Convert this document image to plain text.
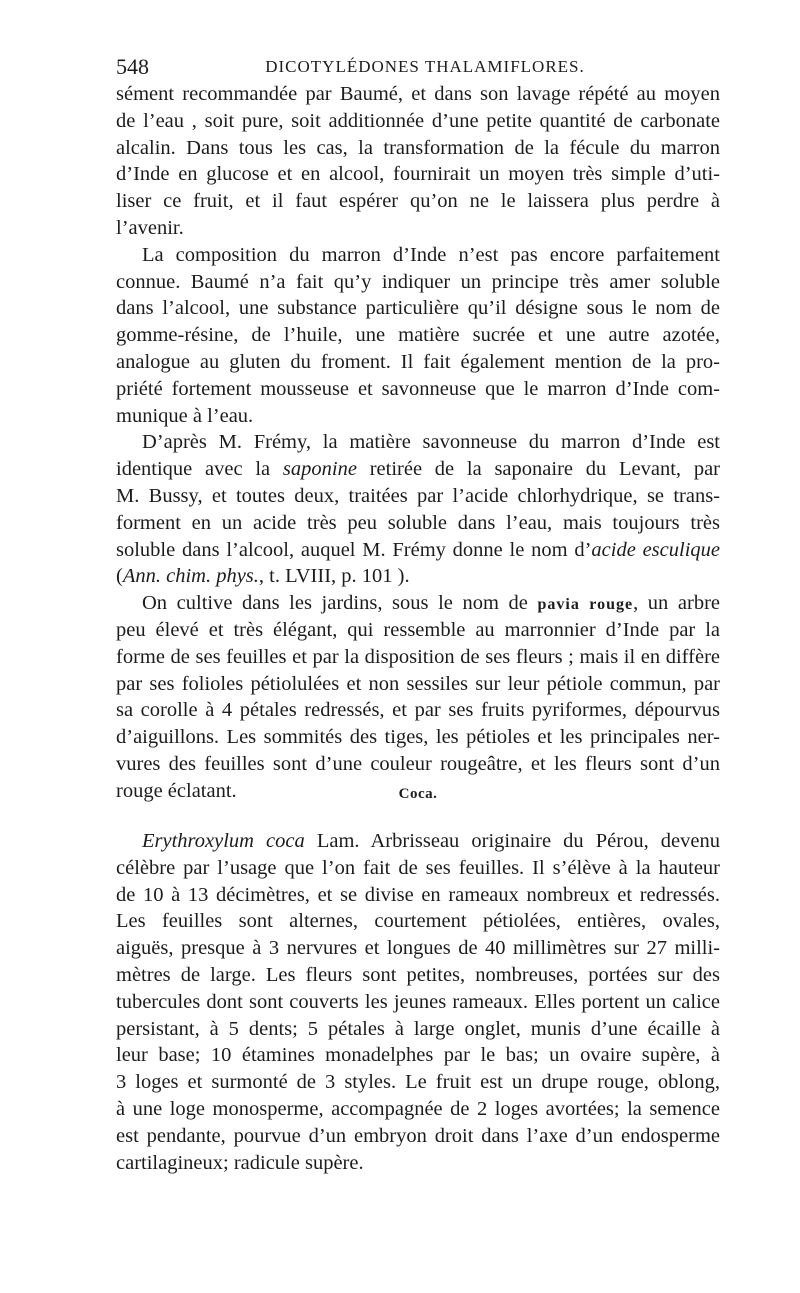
548	DICOTYLÉDONES THALAMIFLORES.
sément recommandée par Baumé, et dans son lavage répété au moyen
de l’eau , soit pure, soit additionnée d’une petite quantité de carbonate
alcalin. Dans tous les cas, la transformation de la fécule du marron
d’Inde en glucose et en alcool, fournirait un moyen très simple d’uti-
liser ce fruit, et il faut espérer qu’on ne le laissera plus perdre à
l’avenir.
La composition du marron d’Inde n’est pas encore parfaitement
connue. Baumé n’a fait qu’y indiquer un principe très amer soluble
dans l’alcool, une substance particulière qu’il désigne sous le nom de
gomme-résine, de l’huile, une matière sucrée et une autre azotée,
analogue au gluten du froment. Il fait également mention de la pro-
priété fortement mousseuse et savonneuse que le marron d’Inde com-
munique à l’eau.
D’après M. Frémy, la matière savonneuse du marron d’Inde est
identique avec la saponine retirée de la saponaire du Levant, par
M. Bussy, et toutes deux, traitées par l’acide chlorhydrique, se trans-
forment en un acide très peu soluble dans l’eau, mais toujours très
soluble dans l’alcool, auquel M. Frémy donne le nom d’acide esculique
(Ann. chim. phys., t. LVIII, p. 101 ).
On cultive dans les jardins, sous le nom de pavia rouge, un arbre
peu élevé et très élégant, qui ressemble au marronnier d’Inde par la
forme de ses feuilles et par la disposition de ses fleurs ; mais il en diffère
par ses folioles pétiolulées et non sessiles sur leur pétiole commun, par
sa corolle à 4 pétales redressés, et par ses fruits pyriformes, dépourvus
d’aiguillons. Les sommités des tiges, les pétioles et les principales ner-
vures des feuilles sont d’une couleur rougeâtre, et les fleurs sont d’un
rouge éclatant.	Coca.
Erythroxylum coca Lam. Arbrisseau originaire du Pérou, devenu
célèbre par l’usage que l’on fait de ses feuilles. Il s’élève à la hauteur
de 10 à 13 décimètres, et se divise en rameaux nombreux et redressés.
Les feuilles sont alternes, courtement pétiolées, entières, ovales,
aiguës, presque à 3 nervures et longues de 40 millimètres sur 27 milli-
mètres de large. Les fleurs sont petites, nombreuses, portées sur des
tubercules dont sont couverts les jeunes rameaux. Elles portent un calice
persistant, à 5 dents; 5 pétales à large onglet, munis d’une écaille à
leur base; 10 étamines monadelphes par le bas; un ovaire supère, à
3 loges et surmonté de 3 styles. Le fruit est un drupe rouge, oblong,
à une loge monosperme, accompagnée de 2 loges avortées; la semence
est pendante, pourvue d’un embryon droit dans l’axe d’un endosperme
cartilagineux; radicule supère.
